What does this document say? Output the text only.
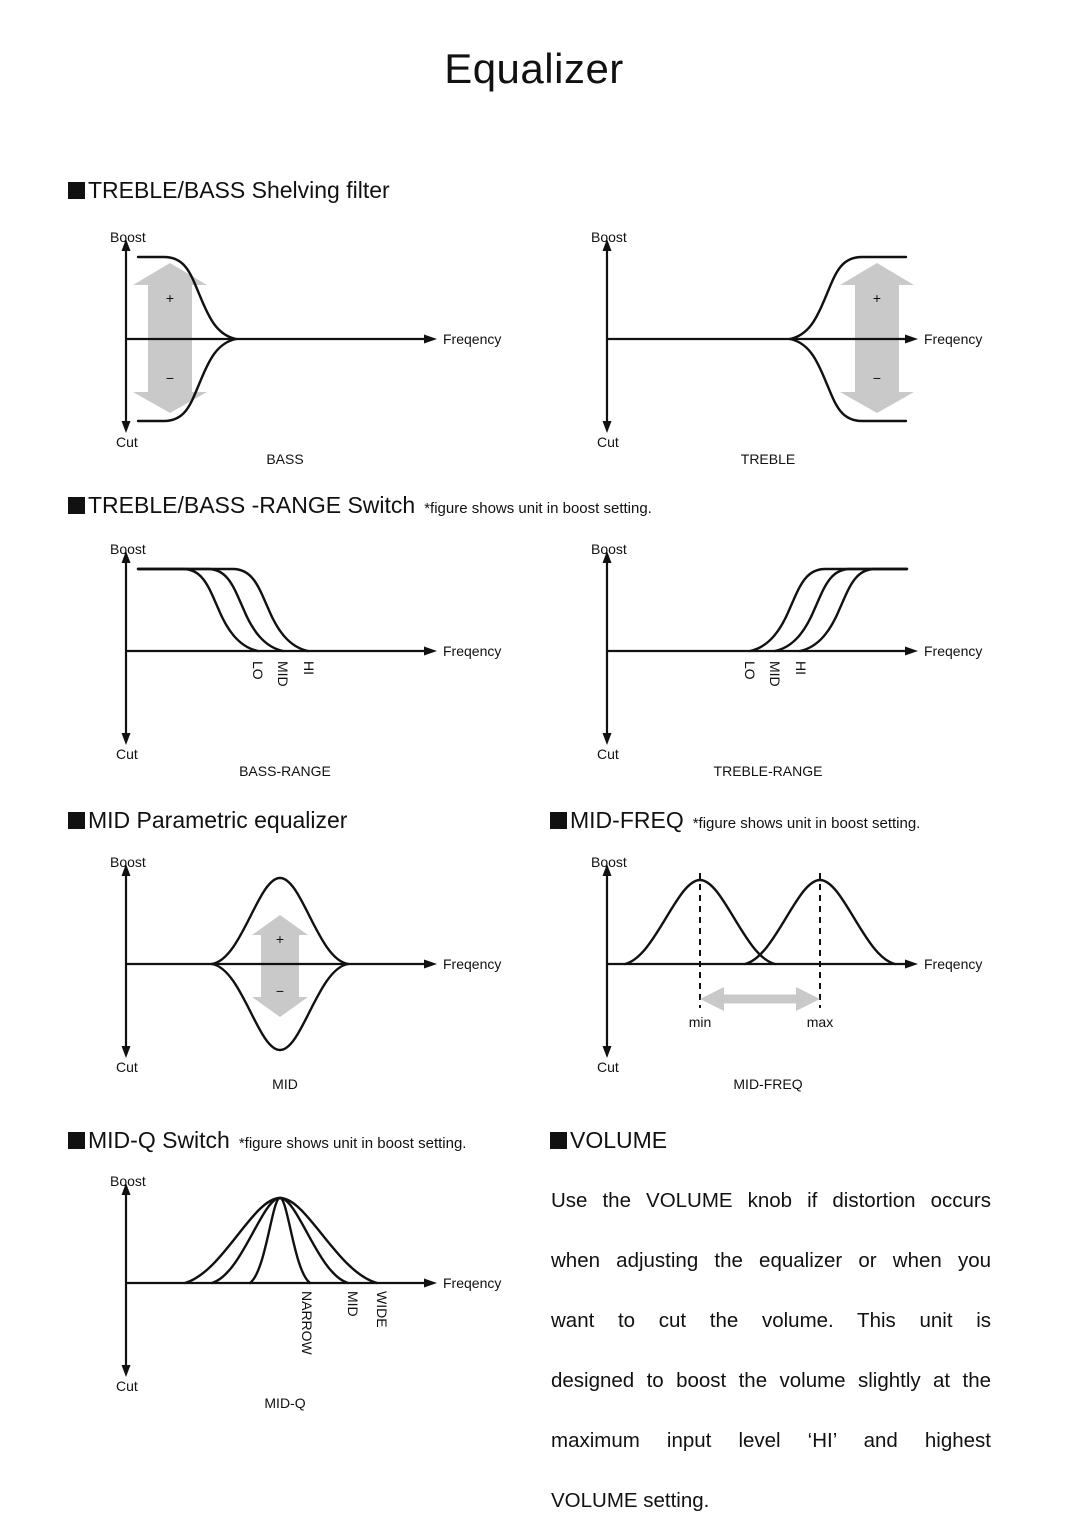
Equalizer
TREBLE/BASS Shelving filter
+
−
Boost
Cut
Freqency
BASS
+
−
Boost
Cut
Freqency
TREBLE
TREBLE/BASS -RANGE Switch *figure shows unit in boost setting.
Boost
Cut
Freqency
LO MID HI
BASS-RANGE
Boost
Cut
Freqency
LO MID HI
TREBLE-RANGE
MID Parametric equalizer	MID-FREQ *figure shows unit in boost setting.
+
−
Boost
Cut
Freqency
MID
Boost
Cut
Freqency
min	max
MID-FREQ
MID-Q Switch *figure shows unit in boost setting.	VOLUME
Boost
Cut
Freqency
NARROW MID WIDE
MID-Q
Use the VOLUME knob if distortion occurs
when adjusting the equalizer or when you
want to cut the volume. This unit is
designed to boost the volume slightly at the
maximum input level ‘HI’ and highest
VOLUME setting.
